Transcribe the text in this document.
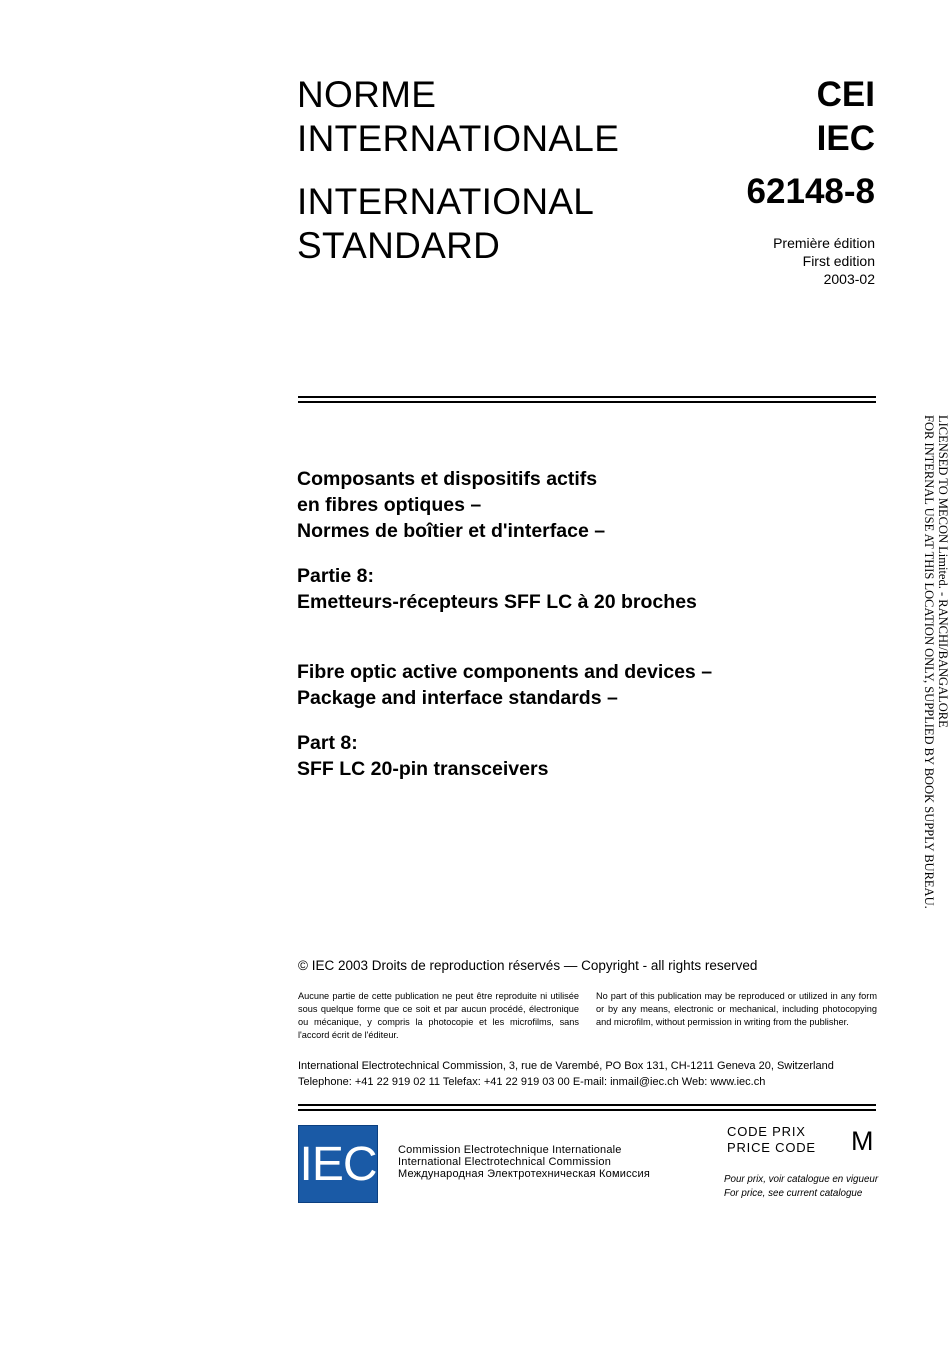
NORME
INTERNATIONALE
INTERNATIONAL
STANDARD
CEI
IEC
62148-8
Première édition
First edition
2003-02
Composants et dispositifs actifs
en fibres optiques –
Normes de boîtier et d'interface –
Partie 8:
Emetteurs-récepteurs SFF LC à 20 broches
Fibre optic active components and devices –
Package and interface standards –
Part 8:
SFF LC 20-pin transceivers
© IEC 2003 Droits de reproduction réservés — Copyright - all rights reserved
Aucune partie de cette publication ne peut être reproduite ni utilisée sous quelque forme que ce soit et par aucun procédé, électronique ou mécanique, y compris la photocopie et les microfilms, sans l'accord écrit de l'éditeur.
No part of this publication may be reproduced or utilized in any form or by any means, electronic or mechanical, including photocopying and microfilm, without permission in writing from the publisher.
International Electrotechnical Commission, 3, rue de Varembé, PO Box 131, CH-1211 Geneva 20, Switzerland
Telephone: +41 22 919 02 11 Telefax: +41 22 919 03 00 E-mail: inmail@iec.ch Web: www.iec.ch
IEC Commission Electrotechnique Internationale
International Electrotechnical Commission
Международная Электротехническая Комиссия
CODE PRIX
PRICE CODE M
Pour prix, voir catalogue en vigueur
For price, see current catalogue
LICENSED TO MECON Limited. - RANCHI/BANGALORE
FOR INTERNAL USE AT THIS LOCATION ONLY, SUPPLIED BY BOOK SUPPLY BUREAU.
